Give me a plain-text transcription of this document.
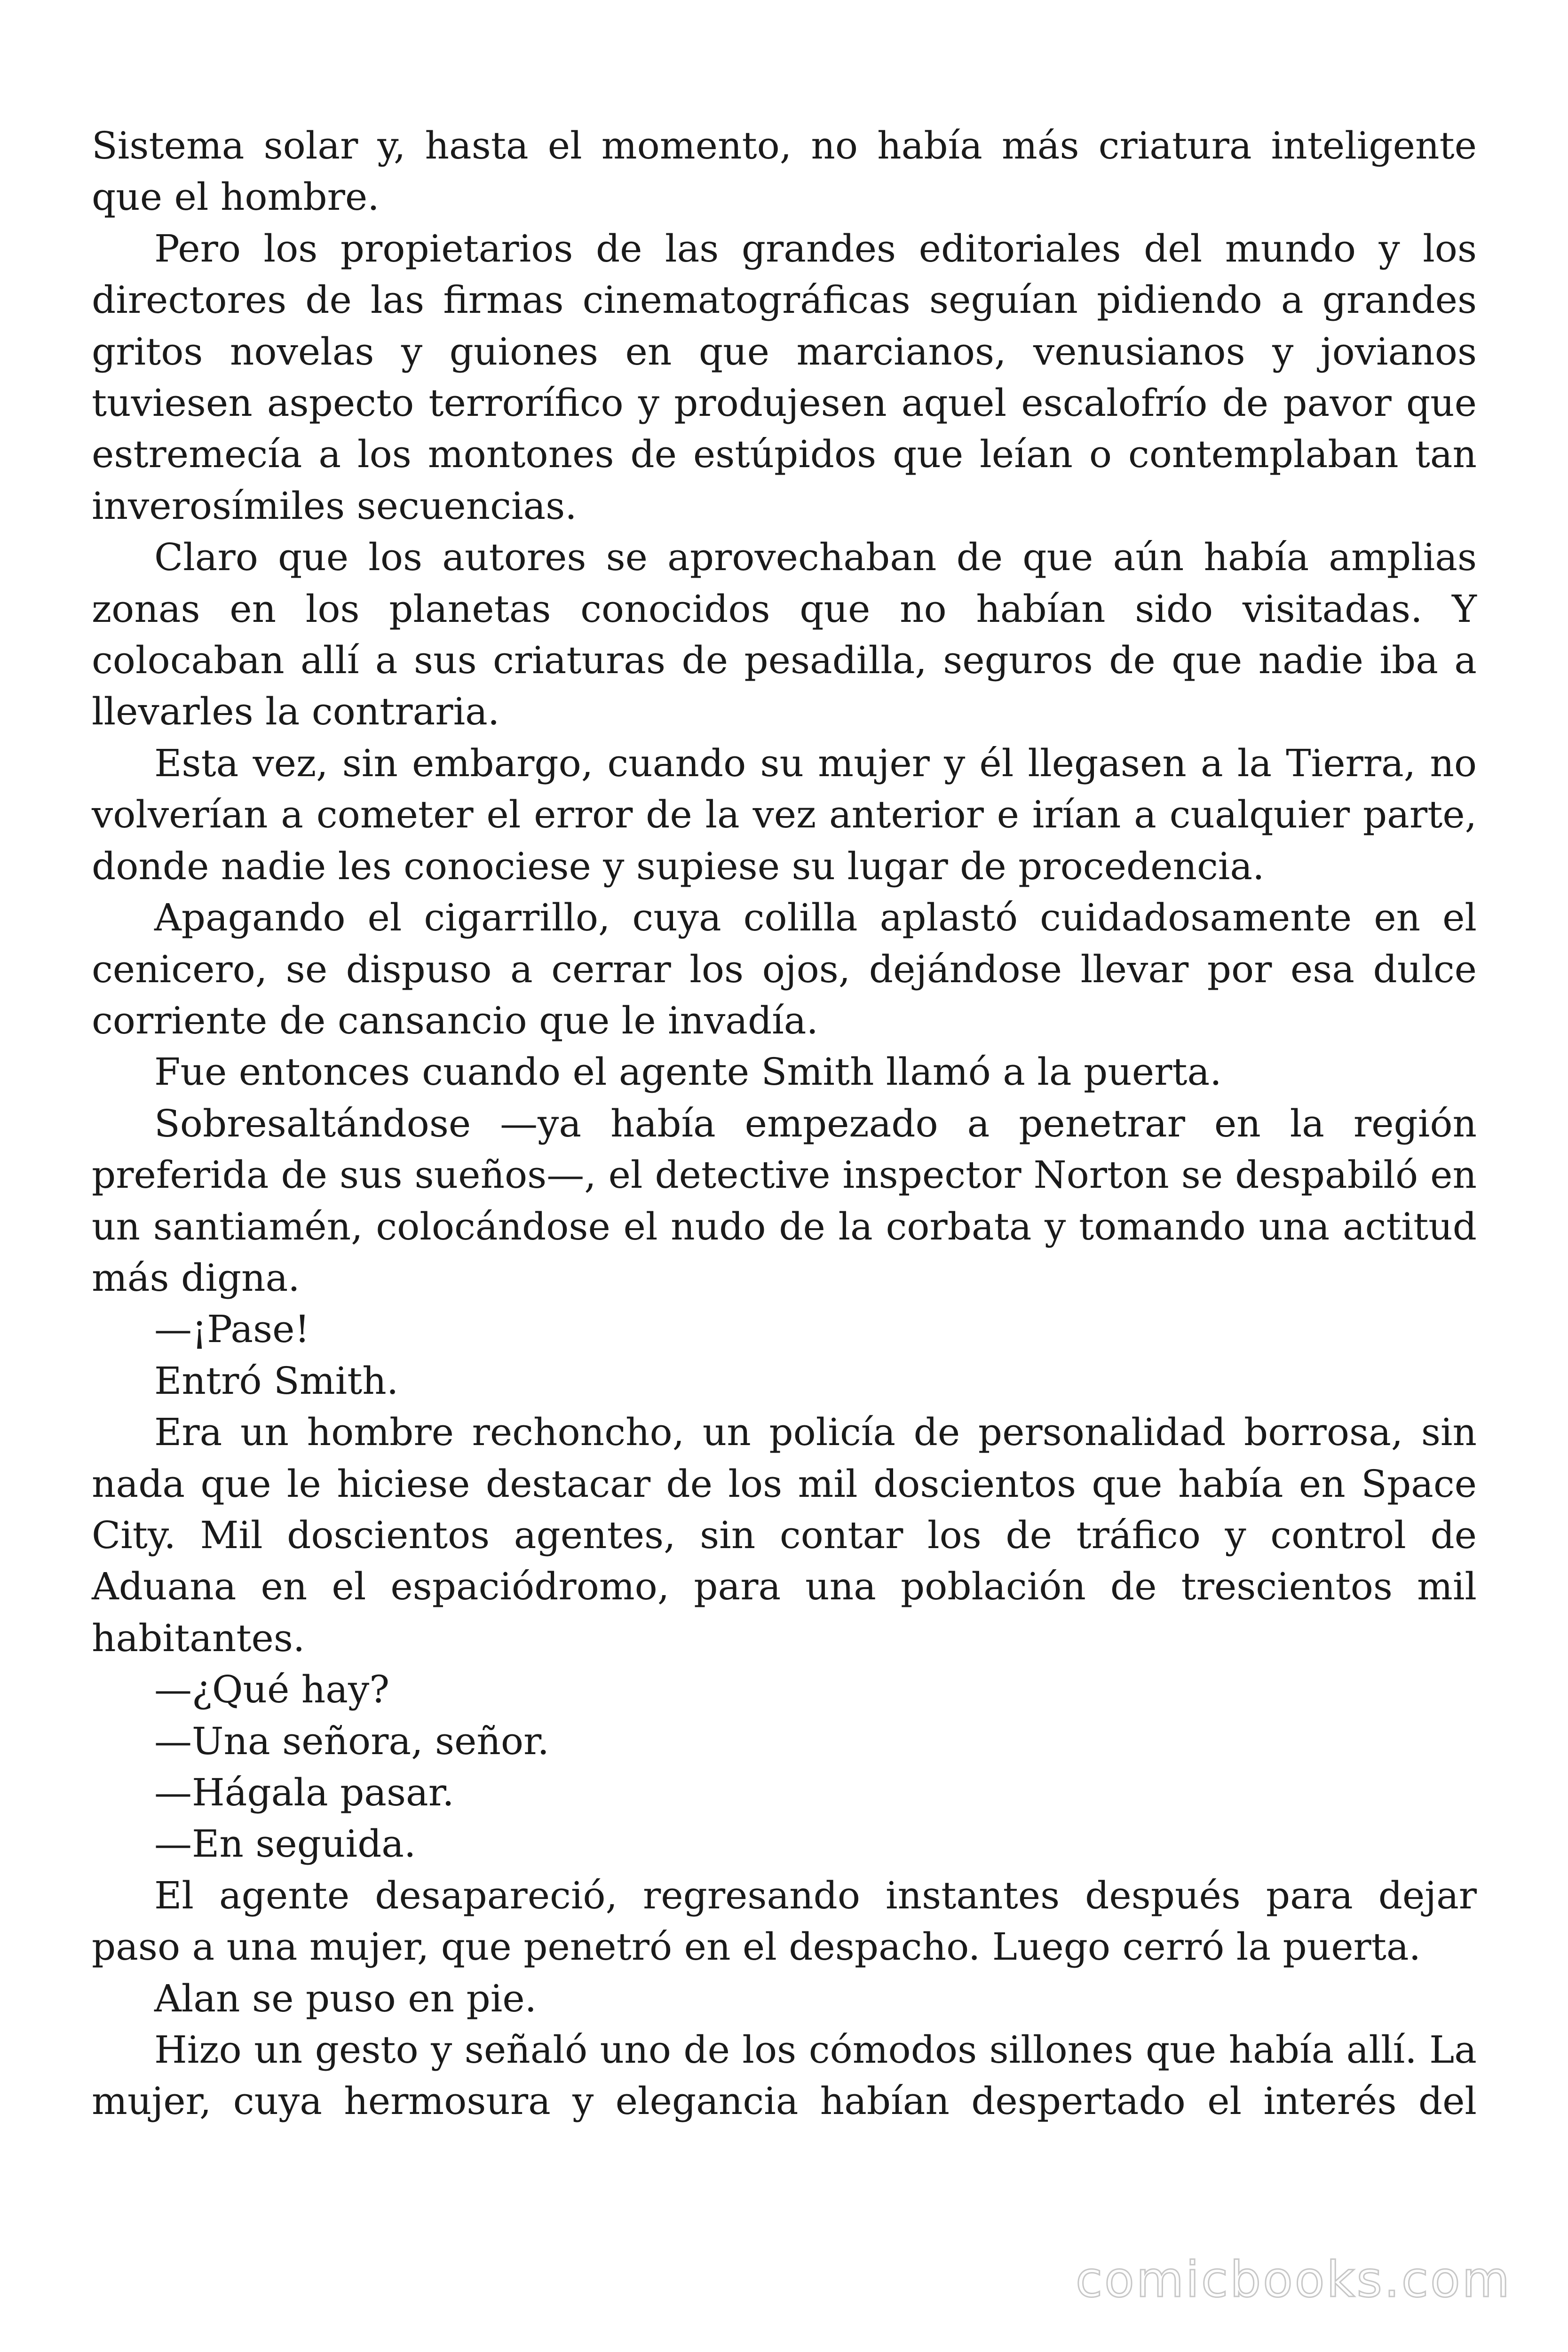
Sistema solar y, hasta el momento, no había más criatura inteligente que el hombre.

Pero los propietarios de las grandes editoriales del mundo y los directores de las firmas cinematográficas seguían pidiendo a grandes gritos novelas y guiones en que marcianos, venusianos y jovianos tuviesen aspecto terrorífico y produjesen aquel escalofrío de pavor que estremecía a los montones de estúpidos que leían o contemplaban tan inverosímiles secuencias.

Claro que los autores se aprovechaban de que aún había amplias zonas en los planetas conocidos que no habían sido visitadas. Y colocaban allí a sus criaturas de pesadilla, seguros de que nadie iba a llevarles la contraria.

Esta vez, sin embargo, cuando su mujer y él llegasen a la Tierra, no volverían a cometer el error de la vez anterior e irían a cualquier parte, donde nadie les conociese y supiese su lugar de procedencia.

Apagando el cigarrillo, cuya colilla aplastó cuidadosamente en el cenicero, se dispuso a cerrar los ojos, dejándose llevar por esa dulce corriente de cansancio que le invadía.

Fue entonces cuando el agente Smith llamó a la puerta.

Sobresaltándose —ya había empezado a penetrar en la región preferida de sus sueños—, el detective inspector Norton se despabiló en un santiamén, colocándose el nudo de la corbata y tomando una actitud más digna.

—¡Pase!

Entró Smith.

Era un hombre rechoncho, un policía de personalidad borrosa, sin nada que le hiciese destacar de los mil doscientos que había en Space City. Mil doscientos agentes, sin contar los de tráfico y control de Aduana en el espaciódromo, para una población de trescientos mil habitantes.

—¿Qué hay?

—Una señora, señor.

—Hágala pasar.

—En seguida.

El agente desapareció, regresando instantes después para dejar paso a una mujer, que penetró en el despacho. Luego cerró la puerta.

Alan se puso en pie.

Hizo un gesto y señaló uno de los cómodos sillones que había allí. La mujer, cuya hermosura y elegancia habían despertado el interés del

comicbooks.com
